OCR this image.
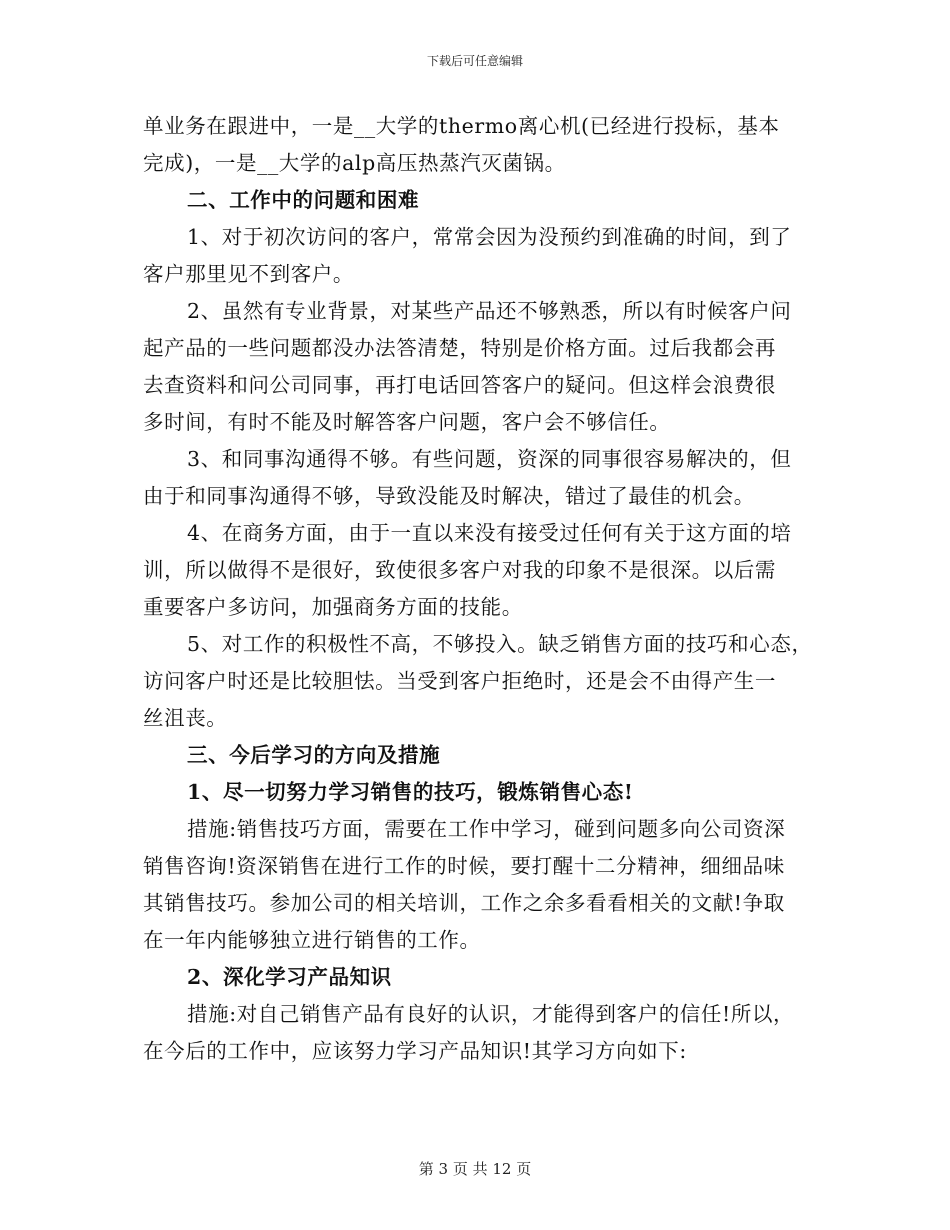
下载后可任意编辑
单业务在跟进中，一是__大学的thermo离心机(已经进行投标，基本
完成)，一是__大学的alp高压热蒸汽灭菌锅。
二、工作中的问题和困难
1、对于初次访问的客户，常常会因为没预约到准确的时间，到了
客户那里见不到客户。
2、虽然有专业背景，对某些产品还不够熟悉，所以有时候客户问
起产品的一些问题都没办法答清楚，特别是价格方面。过后我都会再
去查资料和问公司同事，再打电话回答客户的疑问。但这样会浪费很
多时间，有时不能及时解答客户问题，客户会不够信任。
3、和同事沟通得不够。有些问题，资深的同事很容易解决的，但
由于和同事沟通得不够，导致没能及时解决，错过了最佳的机会。
4、在商务方面，由于一直以来没有接受过任何有关于这方面的培
训，所以做得不是很好，致使很多客户对我的印象不是很深。以后需
重要客户多访问，加强商务方面的技能。
5、对工作的积极性不高，不够投入。缺乏销售方面的技巧和心态，
访问客户时还是比较胆怯。当受到客户拒绝时，还是会不由得产生一
丝沮丧。
三、今后学习的方向及措施
1、尽一切努力学习销售的技巧，锻炼销售心态!
措施:销售技巧方面，需要在工作中学习，碰到问题多向公司资深
销售咨询!资深销售在进行工作的时候，要打醒十二分精神，细细品味
其销售技巧。参加公司的相关培训，工作之余多看看相关的文献!争取
在一年内能够独立进行销售的工作。
2、深化学习产品知识
措施:对自己销售产品有良好的认识，才能得到客户的信任!所以，
在今后的工作中，应该努力学习产品知识!其学习方向如下:
第 3 页 共 12 页
